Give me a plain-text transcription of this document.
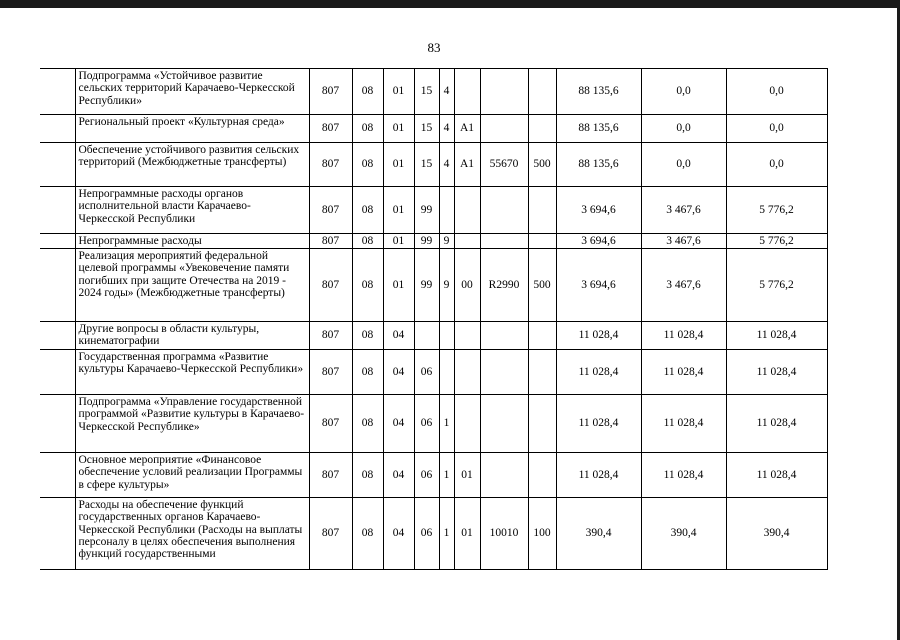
83
	Подпрограмма «Устойчивое развитие сельских территорий Карачаево-Черкесской Республики»	807	08	01	15	4				88 135,6	0,0	0,0
	Региональный проект «Культурная среда»	807	08	01	15	4	A1			88 135,6	0,0	0,0
	Обеспечение устойчивого развития сельских территорий (Межбюджетные трансферты)	807	08	01	15	4	A1	55670	500	88 135,6	0,0	0,0
	Непрограммные расходы органов исполнительной власти Карачаево-Черкесской Республики	807	08	01	99					3 694,6	3 467,6	5 776,2
	Непрограммные расходы	807	08	01	99	9				3 694,6	3 467,6	5 776,2
	Реализация мероприятий федеральной целевой программы «Увековечение памяти погибших при защите Отечества на 2019 - 2024 годы» (Межбюджетные трансферты)	807	08	01	99	9	00	R2990	500	3 694,6	3 467,6	5 776,2
	Другие вопросы в области культуры, кинематографии	807	08	04						11 028,4	11 028,4	11 028,4
	Государственная программа «Развитие культуры Карачаево-Черкесской Республики»	807	08	04	06					11 028,4	11 028,4	11 028,4
	Подпрограмма «Управление государственной программой «Развитие культуры в Карачаево-Черкесской Республике»	807	08	04	06	1				11 028,4	11 028,4	11 028,4
	Основное мероприятие «Финансовое обеспечение условий реализации Программы в сфере культуры»	807	08	04	06	1	01			11 028,4	11 028,4	11 028,4
	Расходы на обеспечение функций государственных органов Карачаево-Черкесской Республики (Расходы на выплаты персоналу в целях обеспечения выполнения функций государственными	807	08	04	06	1	01	10010	100	390,4	390,4	390,4
